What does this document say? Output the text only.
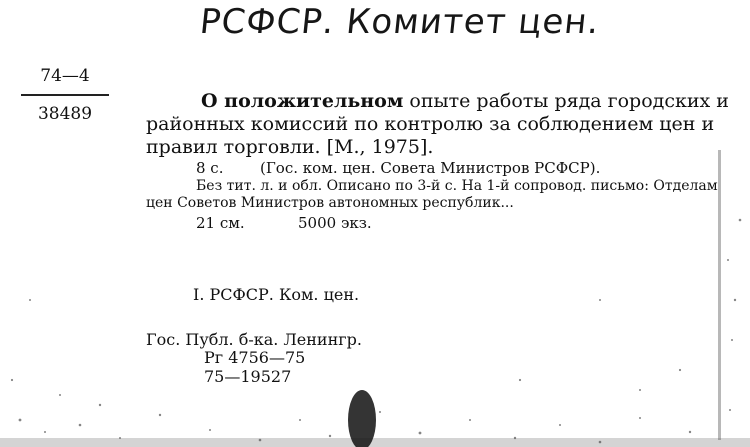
РСФСР. Комитет цен.
74—4
38489
О положительном опыте работы ряда городских и районных комиссий по контролю за соблюдением цен и правил торговли. [М., 1975].
8 с. (Гос. ком. цен. Совета Министров РСФСР).
Без тит. л. и обл. Описано по 3-й с. На 1-й сопровод. письмо: Отделам цен Советов Министров автономных республик...
21 см.	5000 экз.
I. РСФСР. Ком. цен.
Гос. Публ. б-ка. Ленингр.
Рг 4756—75
75—19527
